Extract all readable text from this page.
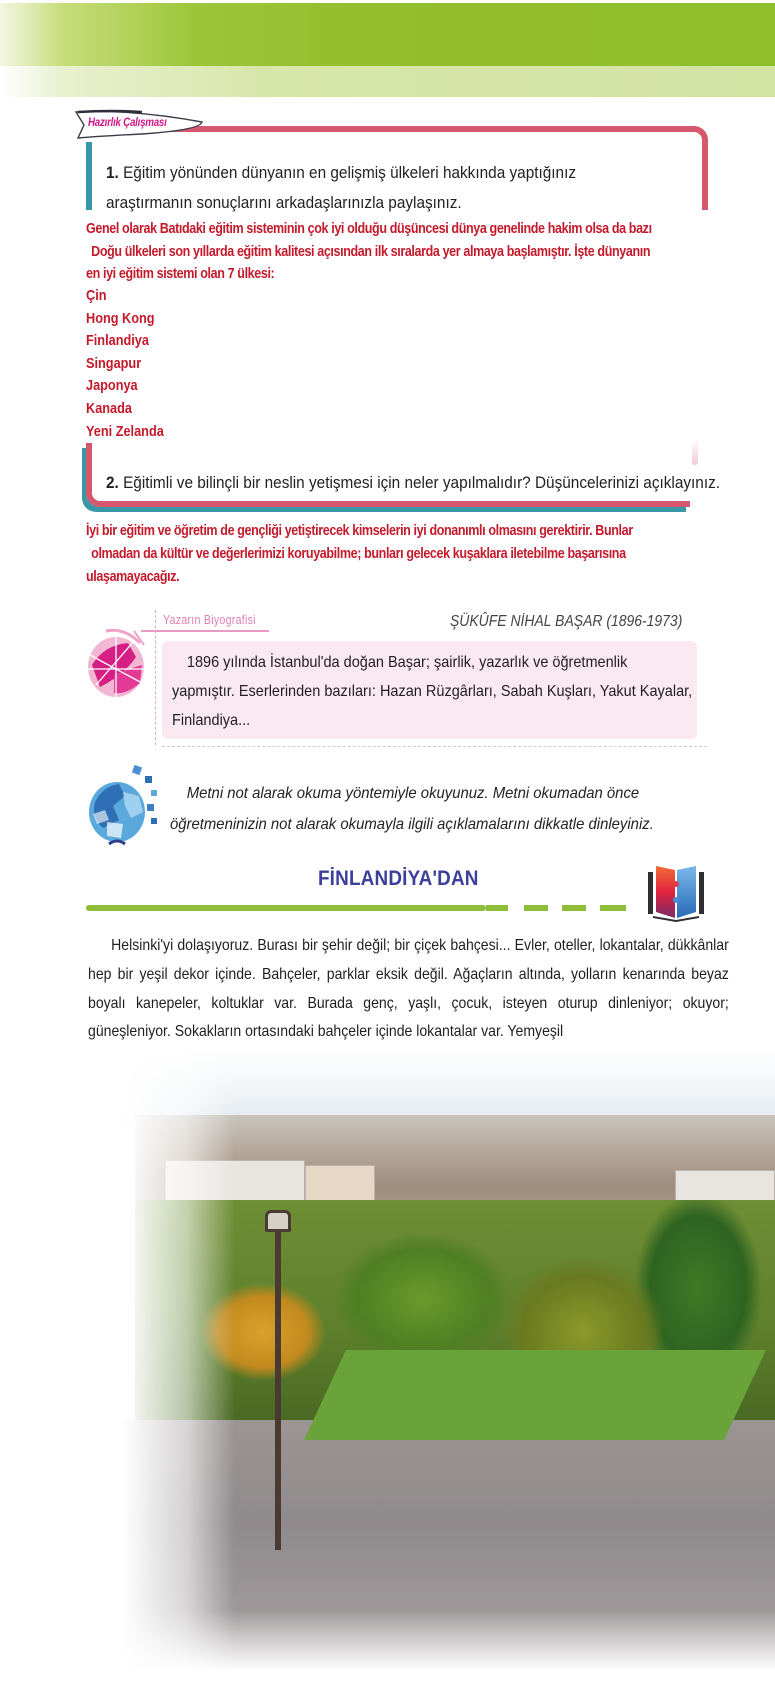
Hazırlık Çalışması
1. Eğitim yönünden dünyanın en gelişmiş ülkeleri hakkında yaptığınız araştırmanın sonuçlarını arkadaşlarınızla paylaşınız.
Genel olarak Batıdaki eğitim sisteminin çok iyi olduğu düşüncesi dünya genelinde hakim olsa da bazı
Doğu ülkeleri son yıllarda eğitim kalitesi açısından ilk sıralarda yer almaya başlamıştır. İşte dünyanın
en iyi eğitim sistemi olan 7 ülkesi:
Çin
Hong Kong
Finlandiya
Singapur
Japonya
Kanada
Yeni Zelanda
2. Eğitimli ve bilinçli bir neslin yetişmesi için neler yapılmalıdır? Düşüncelerinizi açıklayınız.
İyi bir eğitim ve öğretim de gençliği yetiştirecek kimselerin iyi donanımlı olmasını gerektirir. Bunlar
olmadan da kültür ve değerlerimizi koruyabilme; bunları gelecek kuşaklara iletebilme başarısına
ulaşamayacağız.
Yazarın Biyografisi	ŞÜKÛFE NİHAL BAŞAR (1896-1973)
1896 yılında İstanbul'da doğan Başar; şairlik, yazarlık ve öğretmenlik yapmıştır. Eserlerinden bazıları: Hazan Rüzgârları, Sabah Kuşları, Yakut Kayalar, Finlandiya...
Metni not alarak okuma yöntemiyle okuyunuz. Metni okumadan önce öğretmeninizin not alarak okumayla ilgili açıklamalarını dikkatle dinleyiniz.
FİNLANDİYA'DAN
Helsinki'yi dolaşıyoruz. Burası bir şehir değil; bir çiçek bahçesi... Evler, oteller, lokantalar, dükkânlar hep bir yeşil dekor içinde. Bahçeler, parklar eksik değil. Ağaçların altında, yolların kenarında beyaz boyalı kanepeler, koltuklar var. Burada genç, yaşlı, çocuk, isteyen oturup dinleniyor; okuyor; güneşleniyor. Sokakların ortasındaki bahçeler içinde lokantalar var. Yemyeşil
